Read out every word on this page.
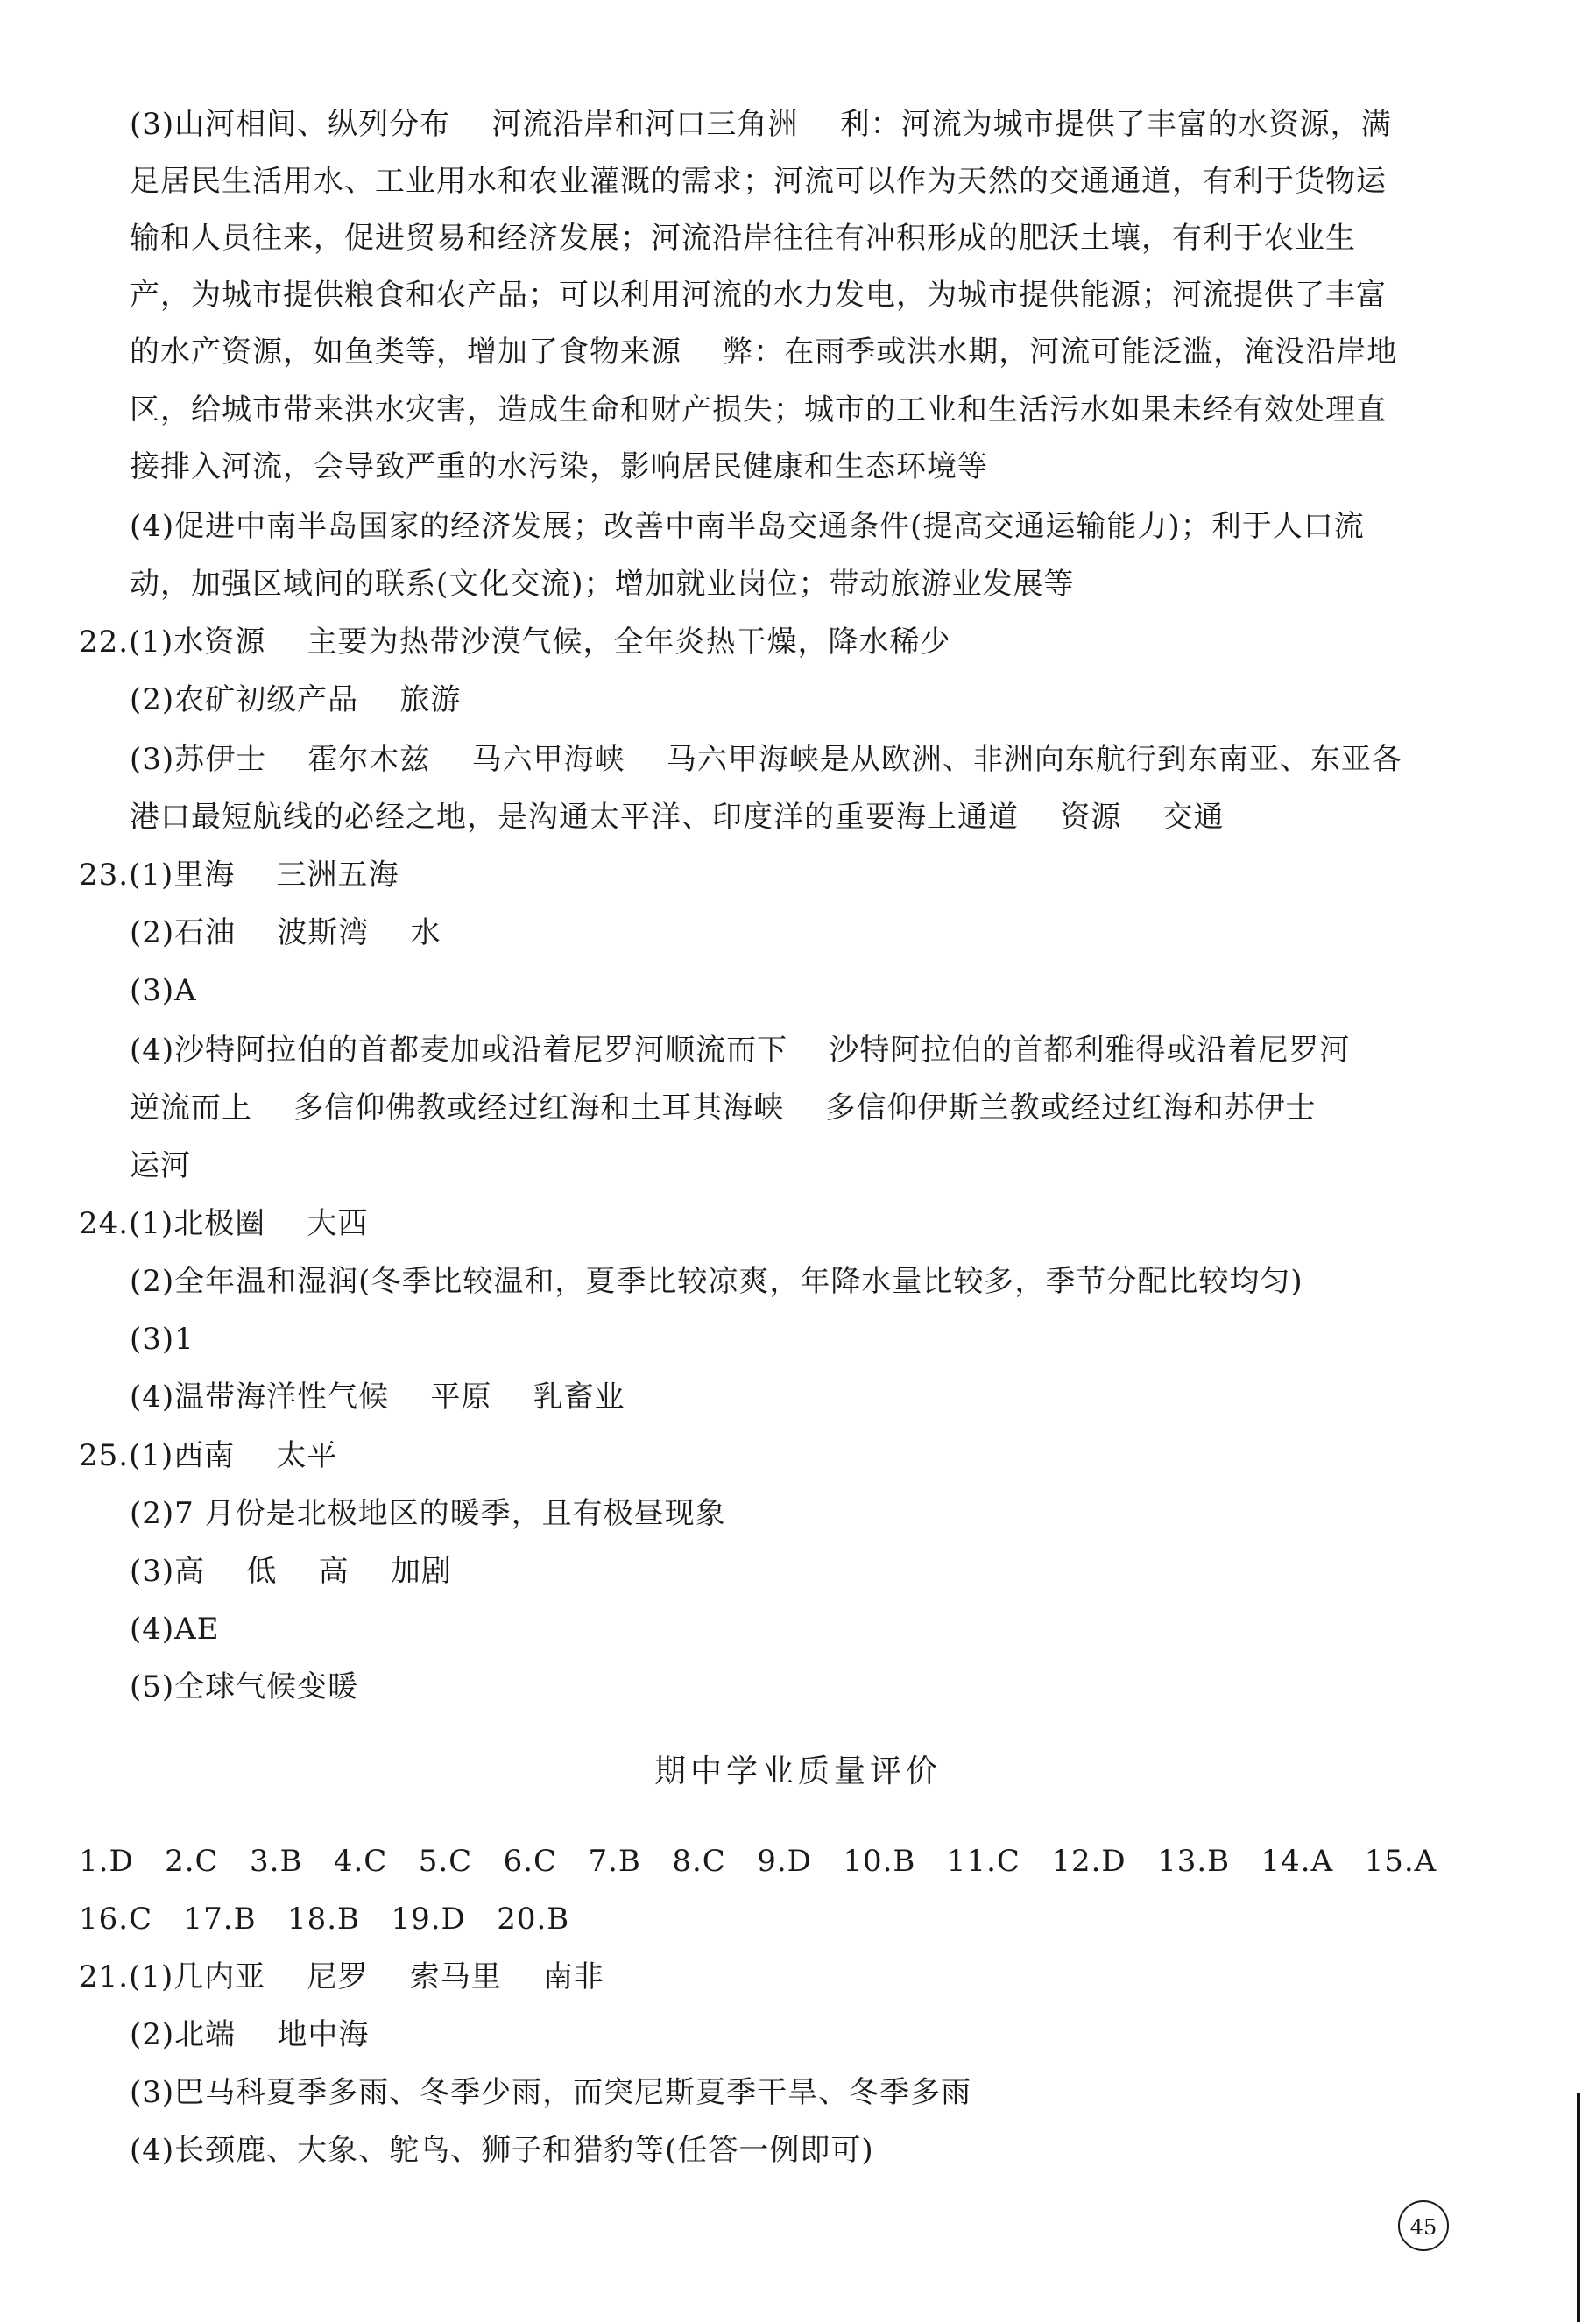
(3)山河相间、纵列分布    河流沿岸和河口三角洲    利：河流为城市提供了丰富的水资源，满
足居民生活用水、工业用水和农业灌溉的需求；河流可以作为天然的交通通道，有利于货物运
输和人员往来，促进贸易和经济发展；河流沿岸往往有冲积形成的肥沃土壤，有利于农业生
产，为城市提供粮食和农产品；可以利用河流的水力发电，为城市提供能源；河流提供了丰富
的水产资源，如鱼类等，增加了食物来源    弊：在雨季或洪水期，河流可能泛滥，淹没沿岸地
区，给城市带来洪水灾害，造成生命和财产损失；城市的工业和生活污水如果未经有效处理直
接排入河流，会导致严重的水污染，影响居民健康和生态环境等
(4)促进中南半岛国家的经济发展；改善中南半岛交通条件(提高交通运输能力)；利于人口流
动，加强区域间的联系(文化交流)；增加就业岗位；带动旅游业发展等
22.(1)水资源    主要为热带沙漠气候，全年炎热干燥，降水稀少
(2)农矿初级产品    旅游
(3)苏伊士    霍尔木兹    马六甲海峡    马六甲海峡是从欧洲、非洲向东航行到东南亚、东亚各
港口最短航线的必经之地，是沟通太平洋、印度洋的重要海上通道    资源    交通
23.(1)里海    三洲五海
(2)石油    波斯湾    水
(3)A
(4)沙特阿拉伯的首都麦加或沿着尼罗河顺流而下    沙特阿拉伯的首都利雅得或沿着尼罗河
逆流而上    多信仰佛教或经过红海和土耳其海峡    多信仰伊斯兰教或经过红海和苏伊士
运河
24.(1)北极圈    大西
(2)全年温和湿润(冬季比较温和，夏季比较凉爽，年降水量比较多，季节分配比较均匀)
(3)1
(4)温带海洋性气候    平原    乳畜业
25.(1)西南    太平
(2)7 月份是北极地区的暖季，且有极昼现象
(3)高    低    高    加剧
(4)AE
(5)全球气候变暖
期中学业质量评价
1.D   2.C   3.B   4.C   5.C   6.C   7.B   8.C   9.D   10.B   11.C   12.D   13.B   14.A   15.A
16.C   17.B   18.B   19.D   20.B
21.(1)几内亚    尼罗    索马里    南非
(2)北端    地中海
(3)巴马科夏季多雨、冬季少雨，而突尼斯夏季干旱、冬季多雨
(4)长颈鹿、大象、鸵鸟、狮子和猎豹等(任答一例即可)
45
